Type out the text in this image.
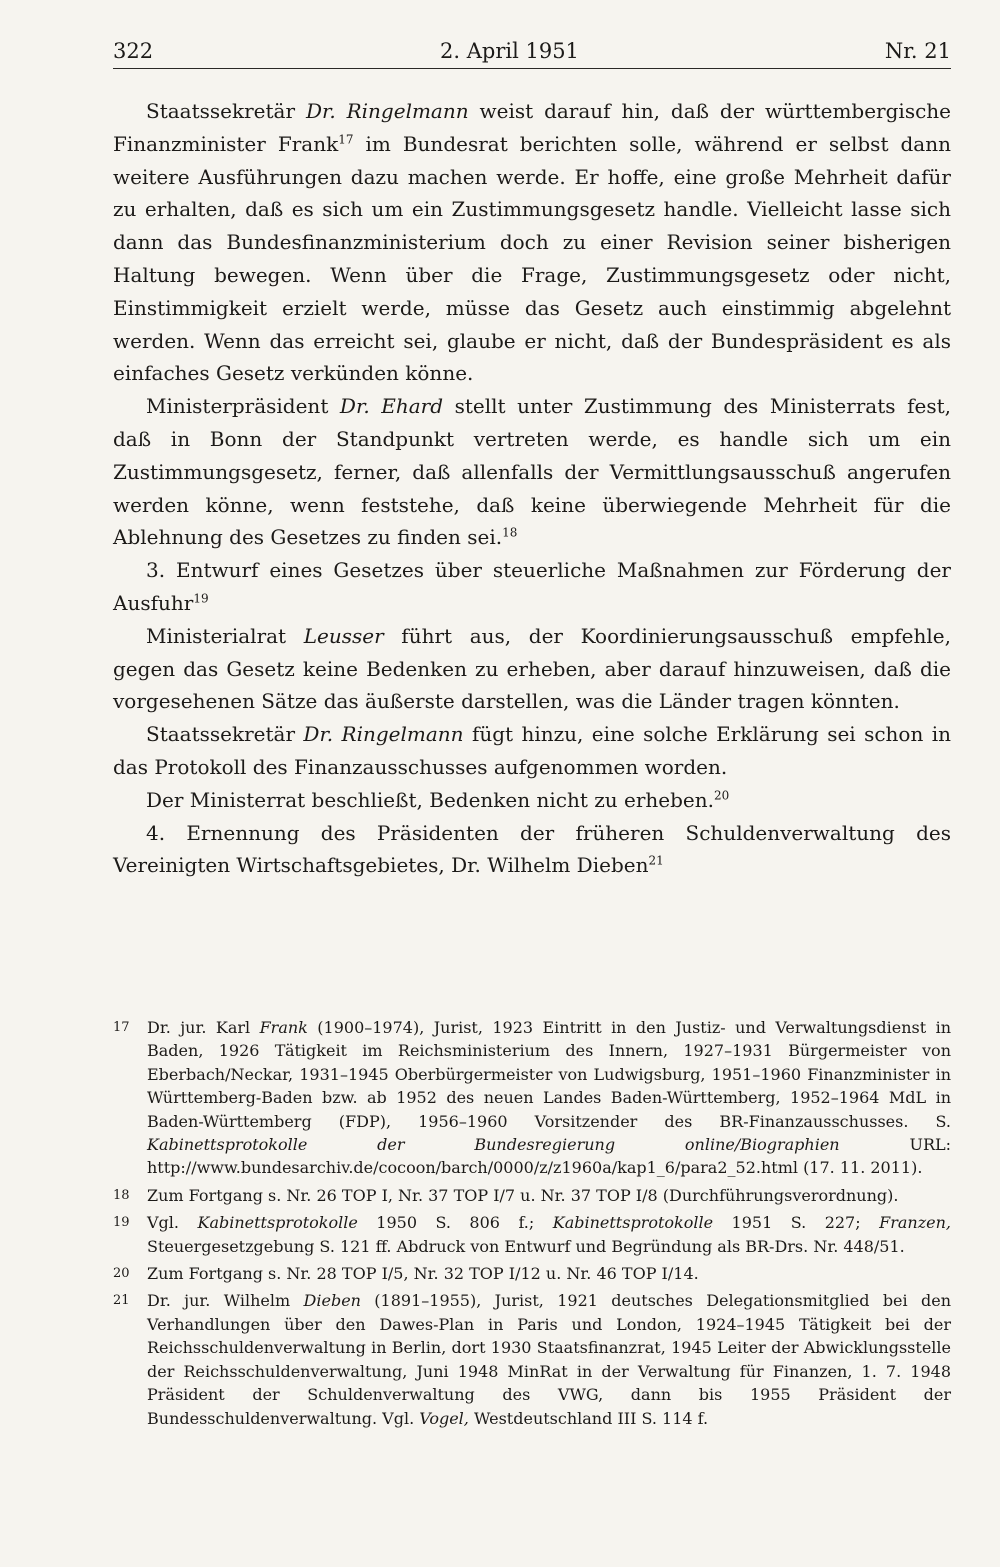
322	2. April 1951	Nr. 21

Staatssekretär Dr. Ringelmann weist darauf hin, daß der württembergische Finanzminister Frank$^{17}$ im Bundesrat berichten solle, während er selbst dann weitere Ausführungen dazu machen werde. Er hoffe, eine große Mehrheit dafür zu erhalten, daß es sich um ein Zustimmungsgesetz handle. Vielleicht lasse sich dann das Bundesfinanzministerium doch zu einer Revision seiner bisherigen Haltung bewegen. Wenn über die Frage, Zustimmungsgesetz oder nicht, Einstimmigkeit erzielt werde, müsse das Gesetz auch einstimmig abgelehnt werden. Wenn das erreicht sei, glaube er nicht, daß der Bundespräsident es als einfaches Gesetz verkünden könne.

Ministerpräsident Dr. Ehard stellt unter Zustimmung des Ministerrats fest, daß in Bonn der Standpunkt vertreten werde, es handle sich um ein Zustimmungsgesetz, ferner, daß allenfalls der Vermittlungsausschuß angerufen werden könne, wenn feststehe, daß keine überwiegende Mehrheit für die Ablehnung des Gesetzes zu finden sei.$^{18}$

3. Entwurf eines Gesetzes über steuerliche Maßnahmen zur Förderung der Ausfuhr$^{19}$

Ministerialrat Leusser führt aus, der Koordinierungsausschuß empfehle, gegen das Gesetz keine Bedenken zu erheben, aber darauf hinzuweisen, daß die vorgesehenen Sätze das äußerste darstellen, was die Länder tragen könnten.

Staatssekretär Dr. Ringelmann fügt hinzu, eine solche Erklärung sei schon in das Protokoll des Finanzausschusses aufgenommen worden.

Der Ministerrat beschließt, Bedenken nicht zu erheben.$^{20}$

4. Ernennung des Präsidenten der früheren Schuldenverwaltung des Vereinigten Wirtschaftsgebietes, Dr. Wilhelm Dieben$^{21}$

17	Dr. jur. Karl Frank (1900–1974), Jurist, 1923 Eintritt in den Justiz- und Verwaltungsdienst in Baden, 1926 Tätigkeit im Reichsministerium des Innern, 1927–1931 Bürgermeister von Eberbach/Neckar, 1931–1945 Oberbürgermeister von Ludwigsburg, 1951–1960 Finanzminister in Württemberg-Baden bzw. ab 1952 des neuen Landes Baden-Württemberg, 1952–1964 MdL in Baden-Württemberg (FDP), 1956–1960 Vorsitzender des BR-Finanzausschusses. S. Kabinettsprotokolle der Bundesregierung online/Biographien URL: http://www.bundesarchiv.de/cocoon/barch/0000/z/z1960a/kap1_6/para2_52.html (17. 11. 2011).
18	Zum Fortgang s. Nr. 26 TOP I, Nr. 37 TOP I/7 u. Nr. 37 TOP I/8 (Durchführungsverordnung).
19	Vgl. Kabinettsprotokolle 1950 S. 806 f.; Kabinettsprotokolle 1951 S. 227; Franzen, Steuergesetzgebung S. 121 ff. Abdruck von Entwurf und Begründung als BR-Drs. Nr. 448/51.
20	Zum Fortgang s. Nr. 28 TOP I/5, Nr. 32 TOP I/12 u. Nr. 46 TOP I/14.
21	Dr. jur. Wilhelm Dieben (1891–1955), Jurist, 1921 deutsches Delegationsmitglied bei den Verhandlungen über den Dawes-Plan in Paris und London, 1924–1945 Tätigkeit bei der Reichsschuldenverwaltung in Berlin, dort 1930 Staatsfinanzrat, 1945 Leiter der Abwicklungsstelle der Reichsschuldenverwaltung, Juni 1948 MinRat in der Verwaltung für Finanzen, 1. 7. 1948 Präsident der Schuldenverwaltung des VWG, dann bis 1955 Präsident der Bundesschuldenverwaltung. Vgl. Vogel, Westdeutschland III S. 114 f.
